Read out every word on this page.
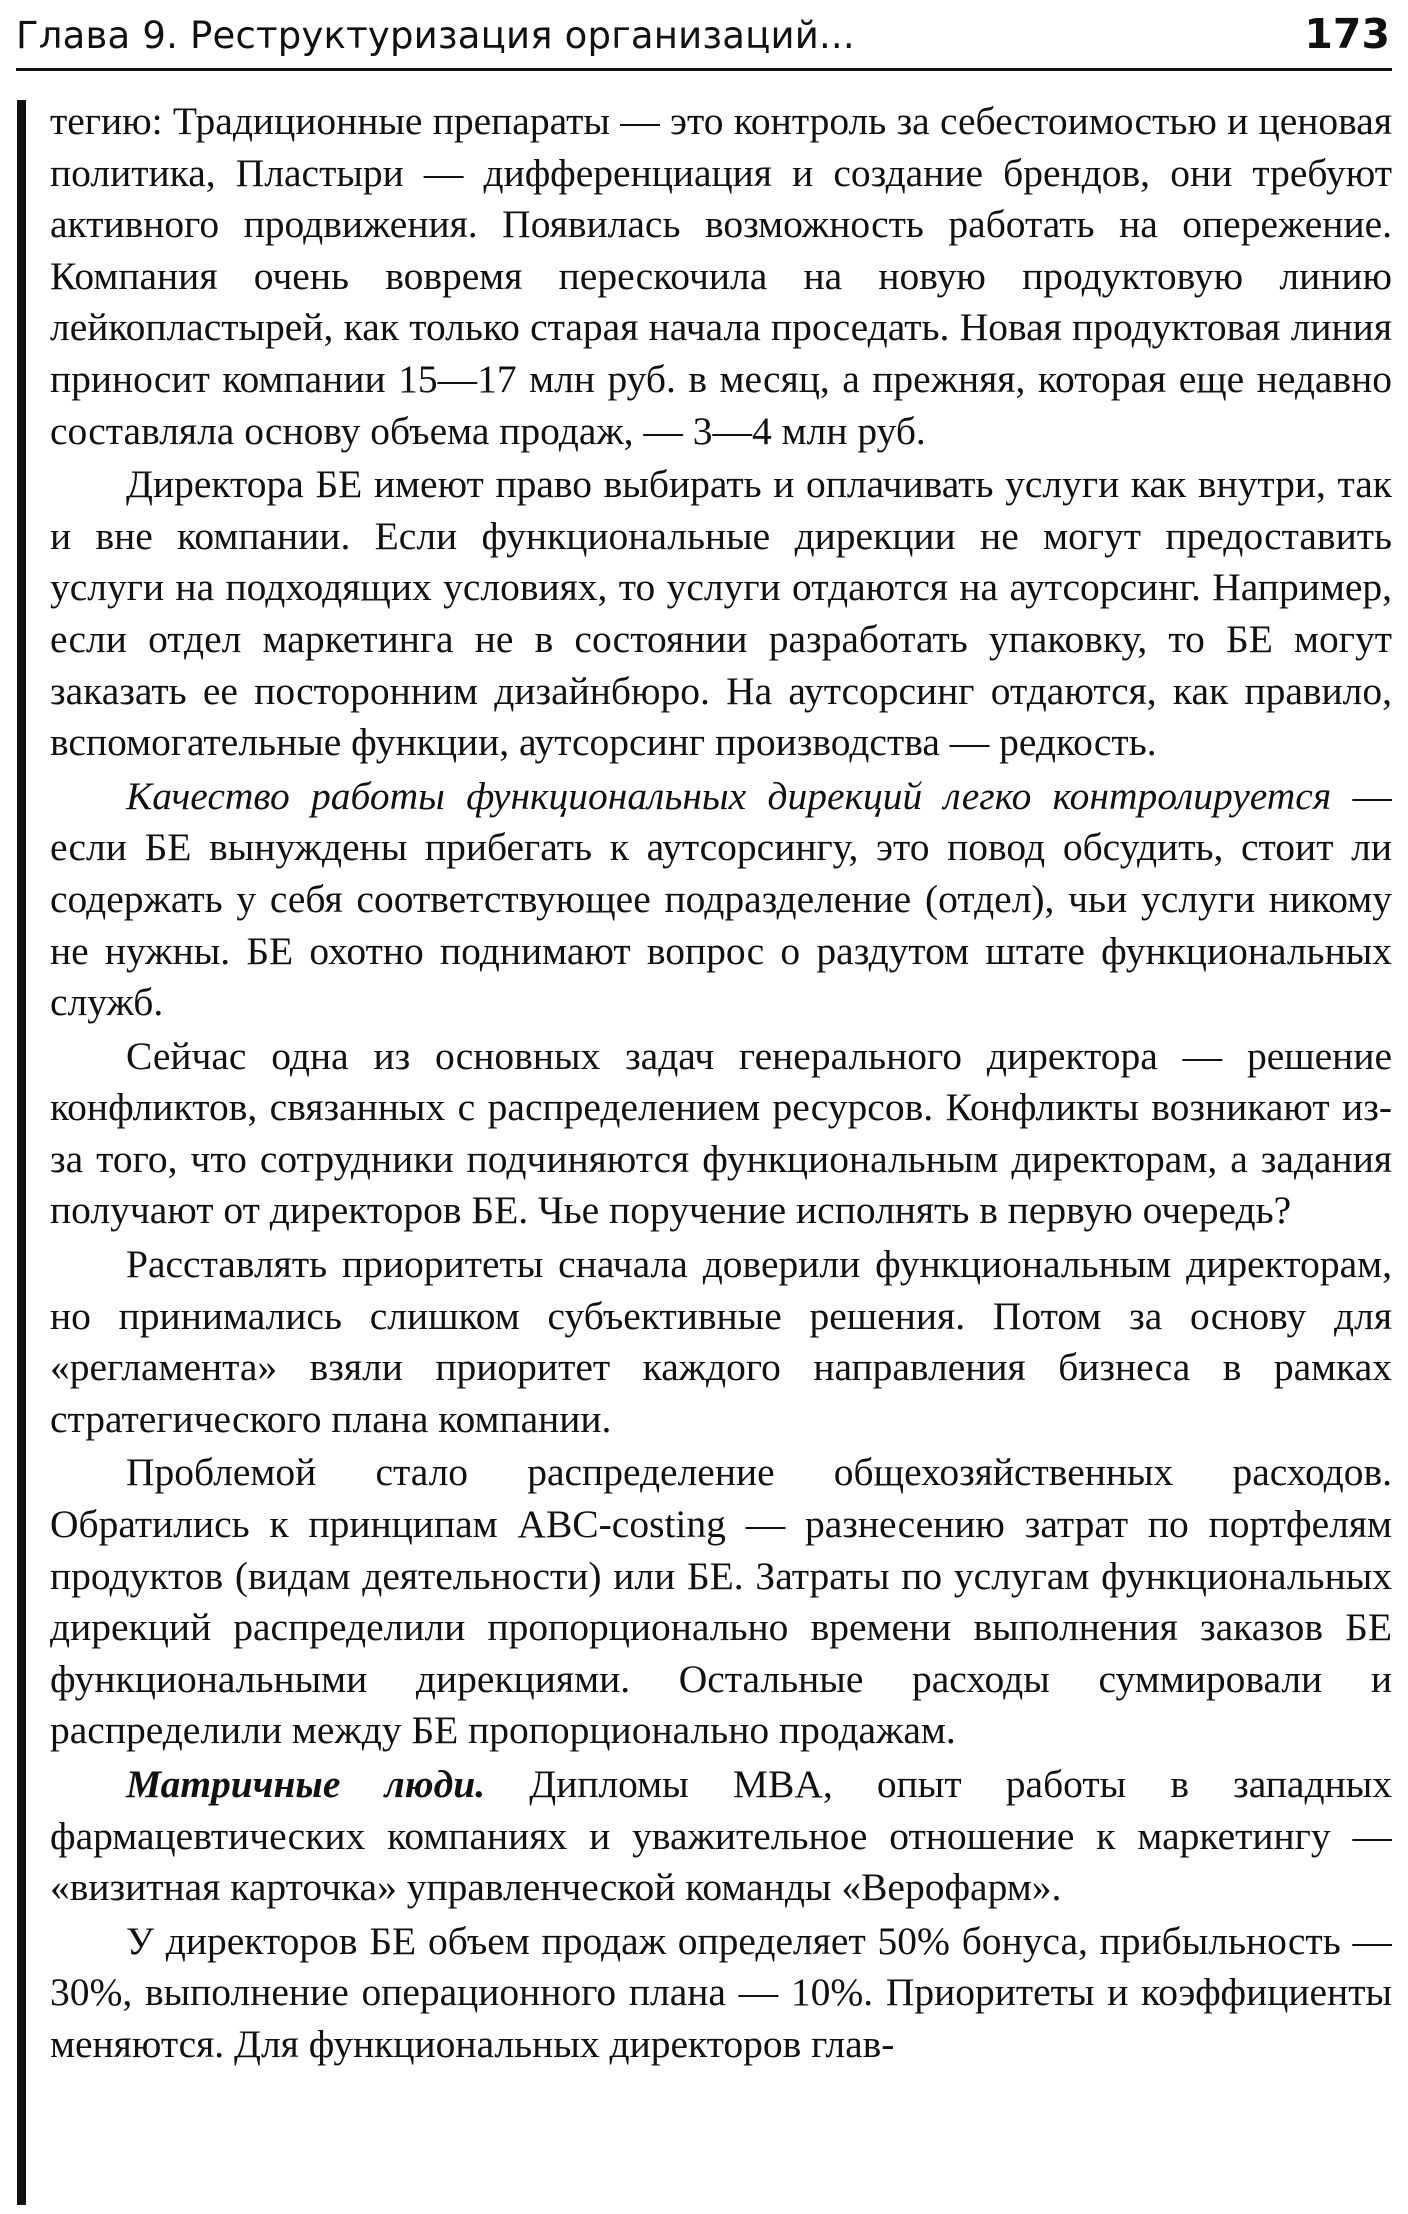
Глава 9. Реструктуризация организаций...	173

тегию: Традиционные препараты — это контроль за себестоимостью и ценовая политика, Пластыри — дифференциация и создание брендов, они требуют активного продвижения. Появилась возможность работать на опережение. Компания очень вовремя перескочила на новую продуктовую линию лейкопластырей, как только старая начала проседать. Новая продуктовая линия приносит компании 15—17 млн руб. в месяц, а прежняя, которая еще недавно составляла основу объема продаж, — 3—4 млн руб.

Директора БЕ имеют право выбирать и оплачивать услуги как внутри, так и вне компании. Если функциональные дирекции не могут предоставить услуги на подходящих условиях, то услуги отдаются на аутсорсинг. Например, если отдел маркетинга не в состоянии разработать упаковку, то БЕ могут заказать ее посторонним дизайнбюро. На аутсорсинг отдаются, как правило, вспомогательные функции, аутсорсинг производства — редкость.

Качество работы функциональных дирекций легко контролируется — если БЕ вынуждены прибегать к аутсорсингу, это повод обсудить, стоит ли содержать у себя соответствующее подразделение (отдел), чьи услуги никому не нужны. БЕ охотно поднимают вопрос о раздутом штате функциональных служб.

Сейчас одна из основных задач генерального директора — решение конфликтов, связанных с распределением ресурсов. Конфликты возникают из-за того, что сотрудники подчиняются функциональным директорам, а задания получают от директоров БЕ. Чье поручение исполнять в первую очередь?

Расставлять приоритеты сначала доверили функциональным директорам, но принимались слишком субъективные решения. Потом за основу для «регламента» взяли приоритет каждого направления бизнеса в рамках стратегического плана компании.

Проблемой стало распределение общехозяйственных расходов. Обратились к принципам ABC-costing — разнесению затрат по портфелям продуктов (видам деятельности) или БЕ. Затраты по услугам функциональных дирекций распределили пропорционально времени выполнения заказов БЕ функциональными дирекциями. Остальные расходы суммировали и распределили между БЕ пропорционально продажам.

Матричные люди. Дипломы MBA, опыт работы в западных фармацевтических компаниях и уважительное отношение к маркетингу — «визитная карточка» управленческой команды «Верофарм».

У директоров БЕ объем продаж определяет 50% бонуса, прибыльность — 30%, выполнение операционного плана — 10%. Приоритеты и коэффициенты меняются. Для функциональных директоров глав-
